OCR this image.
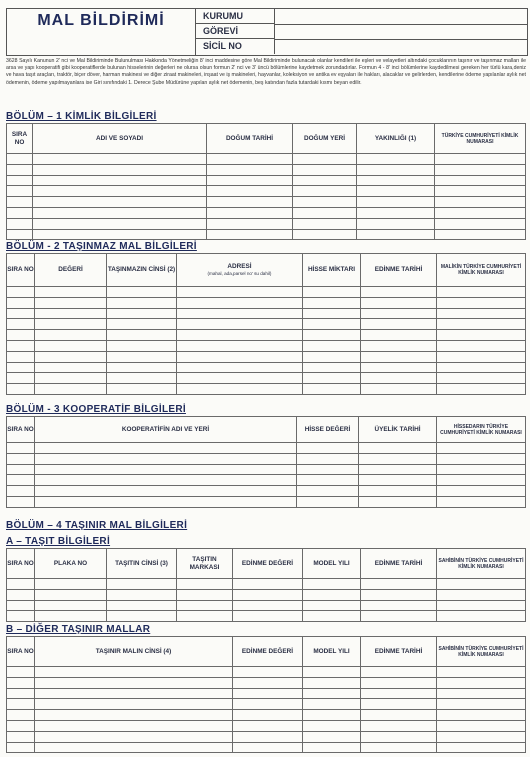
MAL BİLDİRİMİ	KURUMU
GÖREVİ
SİCİL NO
3628 Sayılı Kanunun 2' nci ve Mal Bildiriminde Bulunulması Hakkında Yönetmeliğin 8' inci maddesine göre Mal Bildiriminde bulunacak olanlar kendileri ile eşleri ve velayetleri altındaki çocuklarının taşınır ve taşınmaz malları ile arsa ve yapı kooperatifi gibi kooperatiflerde bulunan hisselerinin değerleri ne olursa olsun formun 2' nci ve 3' üncü bölümlerine kaydetmek zorundadırlar. Formun 4 - 8' inci bölümlerine kaydedilmesi gereken her türlü kara,deniz ve hava taşıt araçları, traktör, biçer döver, harman makinesi ve diğer ziraat makineleri, inşaat ve iş makineleri, hayvanlar, koleksiyon ve antika ev eşyaları ile hakları, alacaklar ve gelirlerden, kendilerine ödeme yapılanlar aylık net ödemenin, ödeme yapılmayanlara ise Giri sınıfındaki 1. Derece Şube Müdürüne yapılan aylık net ödemenin, beş katından fazla tutardaki kısmı beyan edilir.
BÖLÜM – 1 KİMLİK BİLGİLERİ
SIRA NO	ADI VE SOYADI	DOĞUM TARİHİ	DOĞUM YERİ	YAKINLIĞI (1)	TÜRKİYE CUMHURİYETİ KİMLİK NUMARASI

BÖLÜM - 2 TAŞINMAZ MAL BİLGİLERİ
SIRA NO	DEĞERİ	TAŞINMAZIN CİNSİ (2)	ADRESİ
(mahal, ada,parsel no' su dahil)	HİSSE MİKTARI	EDİNME TARİHİ	MALİKİN TÜRKİYE CUMHURİYETİ KİMLİK NUMARASI

BÖLÜM - 3 KOOPERATİF BİLGİLERİ
SIRA NO	KOOPERATİFİN ADI VE YERİ	HİSSE DEĞERİ	ÜYELİK TARİHİ	HİSSEDARIN TÜRKİYE CUMHURİYETİ KİMLİK NUMARASI

BÖLÜM – 4 TAŞINIR MAL BİLGİLERİ
A – TAŞIT BİLGİLERİ
SIRA NO	PLAKA NO	TAŞITIN CİNSİ (3)	TAŞITIN MARKASI	EDİNME DEĞERİ	MODEL YILI	EDİNME TARİHİ	SAHİBİNİN TÜRKİYE CUMHURİYETİ KİMLİK NUMARASI

B – DİĞER TAŞINIR MALLAR
SIRA NO	TAŞINIR MALIN CİNSİ (4)	EDİNME DEĞERİ	MODEL YILI	EDİNME TARİHİ	SAHİBİNİN TÜRKİYE CUMHURİYETİ KİMLİK NUMARASI
